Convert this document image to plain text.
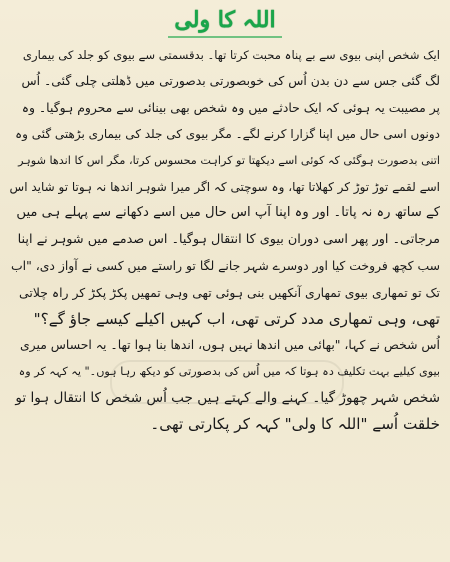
اللہ کا ولی
ایک شخص اپنی بیوی سے بے پناہ محبت کرتا تھا۔ بدقسمتی سے بیوی کو جلد کی بیماری
لگ گئی جس سے دن بدن اُس کی خوبصورتی بدصورتی میں ڈھلتی چلی گئی۔ اُس
پر مصیبت یہ ہوئی کہ ایک حادثے میں وہ شخص بھی بینائی سے محروم ہوگیا۔ وہ
دونوں اسی حال میں اپنا گزارا کرنے لگے۔ مگر بیوی کی جلد کی بیماری بڑھتی گئی وہ
اتنی بدصورت ہوگئی کہ کوئی اسے دیکھتا تو کراہت محسوس کرتا، مگر اس کا اندھا شوہر
اسے لقمے توڑ توڑ کر کھلاتا تھا، وہ سوچتی کہ اگر میرا شوہر اندھا نہ ہوتا تو شاید اس
کے ساتھ رہ نہ پاتا۔ اور وہ اپنا آپ اس حال میں اسے دکھانے سے پہلے ہی میں
مرجاتی۔ اور پھر اسی دوران بیوی کا انتقال ہوگیا۔ اس صدمے میں شوہر نے اپنا
سب کچھ فروخت کیا اور دوسرے شہر جانے لگا تو راستے میں کسی نے آواز دی، "اب
تک تو تمھاری بیوی تمھاری آنکھیں بنی ہوئی تھی وہی تمھیں پکڑ پکڑ کر راہ چلاتی
تھی، وہی تمھاری مدد کرتی تھی، اب کہیں اکیلے کیسے جاؤ گے؟"
اُس شخص نے کہا، "بھائی میں اندھا نہیں ہوں، اندھا بنا ہوا تھا۔ یہ احساس میری
بیوی کیلیے بہت تکلیف دہ ہوتا کہ میں اُس کی بدصورتی کو دیکھ رہا ہوں۔" یہ کہہ کر وہ
شخص شہر چھوڑ گیا۔ کہنے والے کہتے ہیں جب اُس شخص کا انتقال ہوا تو
خلقت اُسے "اللہ کا ولی" کہہ کر پکارتی تھی۔
